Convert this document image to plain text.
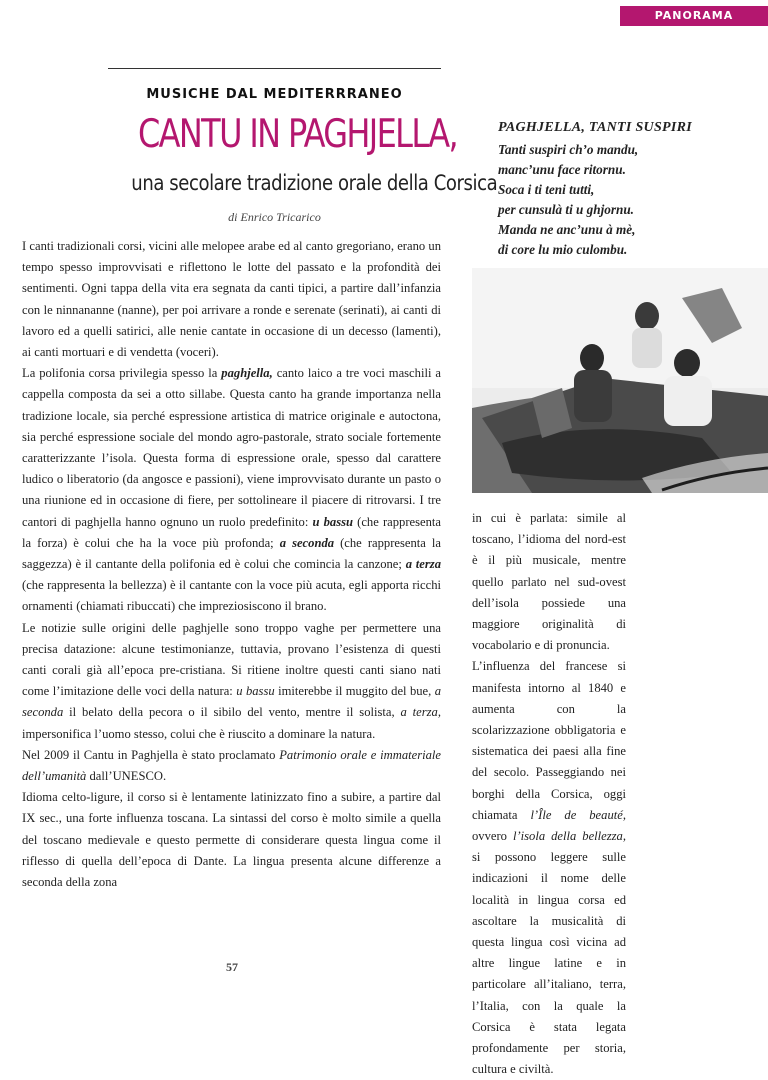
PANORAMA
MUSICHE DAL MEDITERRRANEO
CANTU IN PAGHJELLA,
una secolare tradizione orale della Corsica
di Enrico Tricarico

I canti tradizionali corsi, vicini alle melopee arabe ed al canto gregoriano, erano un tempo spesso improvvisati e riflettono le lotte del passato e la profondità dei sentimenti. Ogni tappa della vita era segnata da canti tipici, a partire dall’infanzia con le ninnananne (nanne), per poi arrivare a ronde e serenate (serinati), ai canti di lavoro ed a quelli satirici, alle nenie cantate in occasione di un decesso (lamenti), ai canti mortuari e di vendetta (voceri).

La polifonia corsa privilegia spesso la paghjella, canto laico a tre voci maschili a cappella composta da sei a otto sillabe. Questa canto ha grande importanza nella tradizione locale, sia perché espressione artistica di matrice originale e autoctona, sia perché espressione sociale del mondo agro-pastorale, strato sociale fortemente caratterizzante l’isola. Questa forma di espressione orale, spesso dal carattere ludico o liberatorio (da angosce e passioni), viene improvvisato durante un pasto o una riunione ed in occasione di fiere, per sottolineare il piacere di ritrovarsi. I tre cantori di paghjella hanno ognuno un ruolo predefinito: u bassu (che rappresenta la forza) è colui che ha la voce più profonda; a seconda (che rappresenta la saggezza) è il cantante della polifonia ed è colui che comincia la canzone; a terza (che rappresenta la bellezza) è il cantante con la voce più acuta, egli apporta ricchi ornamenti (chiamati ribuccati) che impreziosiscono il brano.

Le notizie sulle origini delle paghjelle sono troppo vaghe per permettere una precisa datazione: alcune testimonianze, tuttavia, provano l’esistenza di questi canti corali già all’epoca pre-cristiana. Si ritiene inoltre questi canti siano nati come l’imitazione delle voci della natura: u bassu imiterebbe il muggito del bue, a seconda il belato della pecora o il sibilo del vento, mentre il solista, a terza, impersonifica l’uomo stesso, colui che è riuscito a dominare la natura.

Nel 2009 il Cantu in Paghjella è stato proclamato Patrimonio orale e immateriale dell’umanità dall’UNESCO.

Idioma celto-ligure, il corso si è lentamente latinizzato fino a subire, a partire dal IX sec., una forte influenza toscana. La sintassi del corso è molto simile a quella del toscano medievale e questo permette di considerare questa lingua come il riflesso di quella dell’epoca di Dante. La lingua presenta alcune differenze a seconda della zona

PAGHJELLA, TANTI SUSPIRI
Tanti suspiri ch’o mandu,
manc’unu face ritornu.
Soca i ti teni tutti,
per cunsulà ti u ghjornu.
Manda ne anc’unu à mè,
di core lu mio culombu.

in cui è parlata: simile al toscano, l’idioma del nord-est è il più musicale, mentre quello parlato nel sud-ovest dell’isola possiede una maggiore originalità di vocabolario e di pronuncia.

L’influenza del francese si manifesta intorno al 1840 e aumenta con la scolarizzazione obbligatoria e sistematica dei paesi alla fine del secolo. Passeggiando nei borghi della Corsica, oggi chiamata l’Île de beauté, ovvero l’isola della bellezza, si possono leggere sulle indicazioni il nome delle località in lingua corsa ed ascoltare la musicalità di questa lingua così vicina ad altre lingue latine e in particolare all’italiano, terra, l’Italia, con la quale la Corsica è stata legata profondamente per storia, cultura e civiltà.

57
